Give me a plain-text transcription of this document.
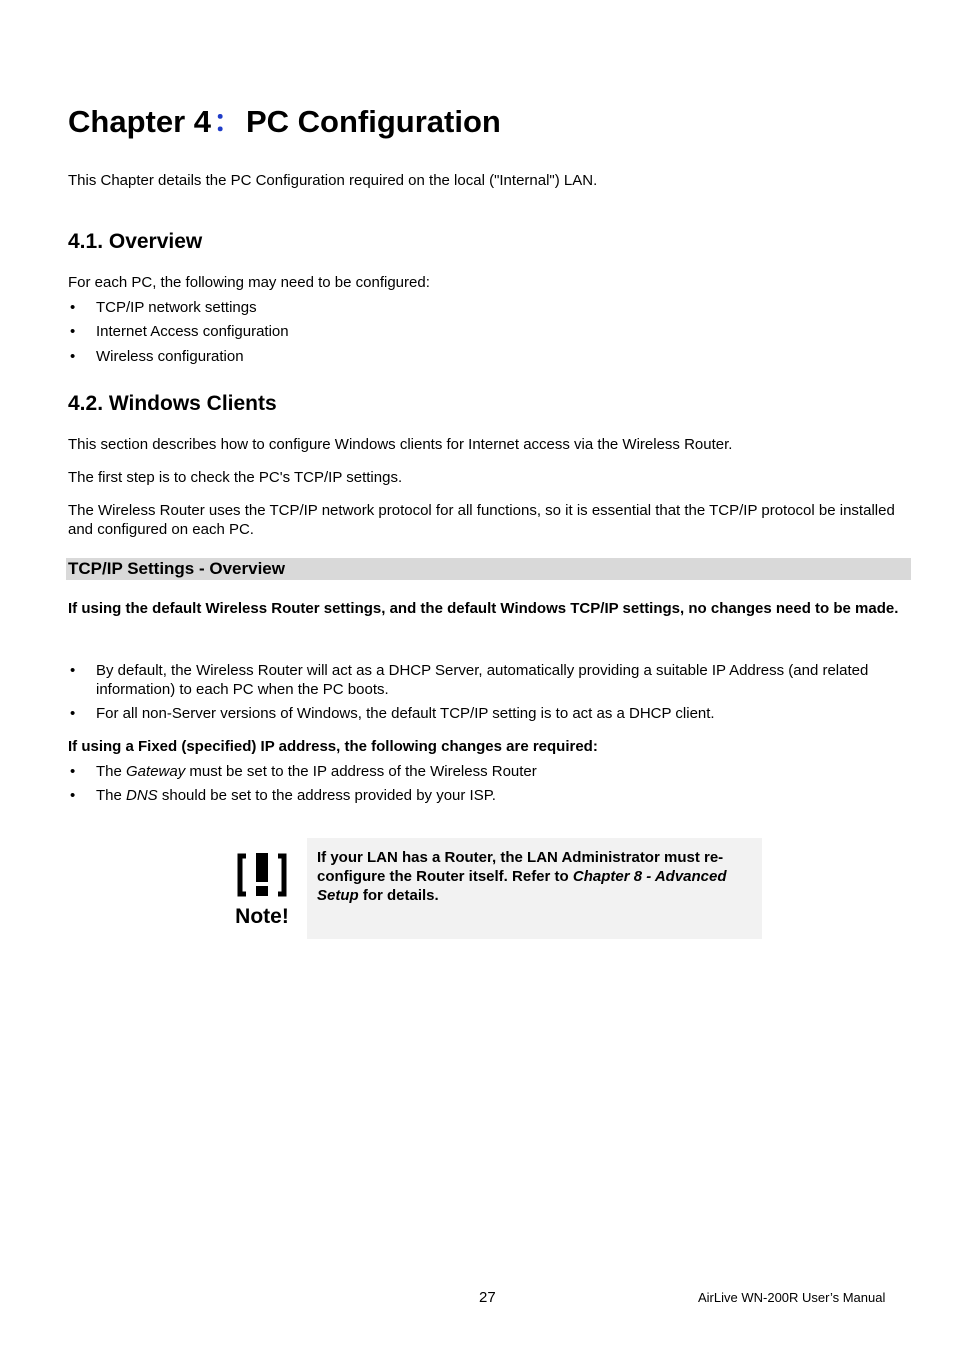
Chapter 4：PC Configuration
This Chapter details the PC Configuration required on the local ("Internal") LAN.
4.1. Overview
For each PC, the following may need to be configured:
• TCP/IP network settings
• Internet Access configuration
• Wireless configuration
4.2. Windows Clients
This section describes how to configure Windows clients for Internet access via the Wireless Router.
The first step is to check the PC's TCP/IP settings.
The Wireless Router uses the TCP/IP network protocol for all functions, so it is essential that the TCP/IP protocol be installed and configured on each PC.
TCP/IP Settings - Overview
If using the default Wireless Router settings, and the default Windows TCP/IP settings, no changes need to be made.
• By default, the Wireless Router will act as a DHCP Server, automatically providing a suitable IP Address (and related information) to each PC when the PC boots.
• For all non-Server versions of Windows, the default TCP/IP setting is to act as a DHCP client.
If using a Fixed (specified) IP address, the following changes are required:
• The Gateway must be set to the IP address of the Wireless Router
• The DNS should be set to the address provided by your ISP.
Note!
If your LAN has a Router, the LAN Administrator must re-configure the Router itself. Refer to Chapter 8 - Advanced Setup for details.
27	AirLive WN-200R User’s Manual
